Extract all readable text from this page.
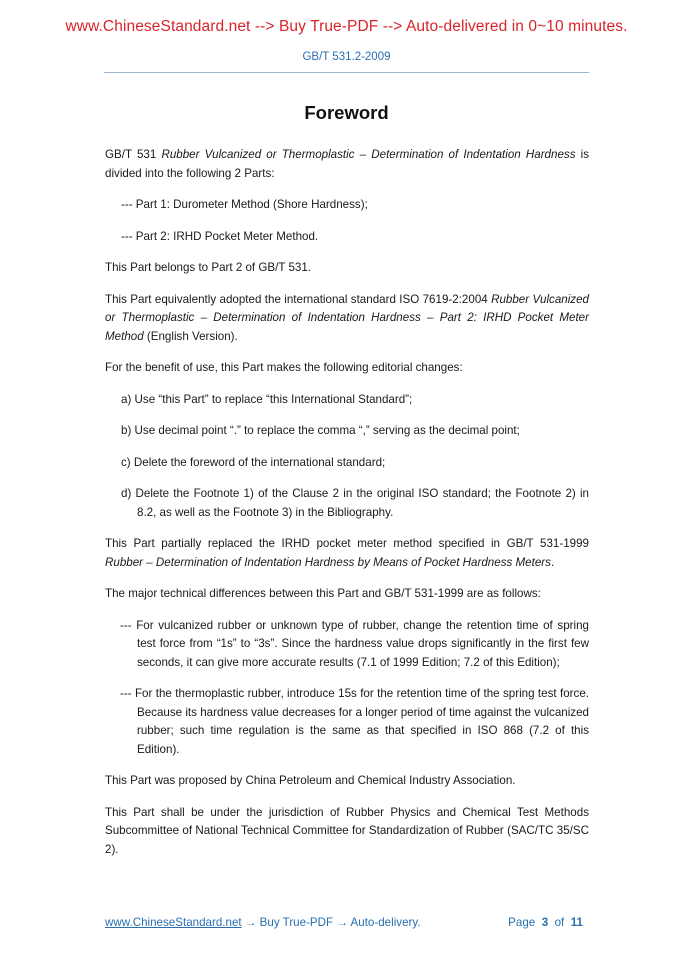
www.ChineseStandard.net --> Buy True-PDF --> Auto-delivered in 0~10 minutes.
GB/T 531.2-2009
Foreword

GB/T 531 Rubber Vulcanized or Thermoplastic – Determination of Indentation Hardness is divided into the following 2 Parts:

--- Part 1: Durometer Method (Shore Hardness);

--- Part 2: IRHD Pocket Meter Method.

This Part belongs to Part 2 of GB/T 531.

This Part equivalently adopted the international standard ISO 7619-2:2004 Rubber Vulcanized or Thermoplastic – Determination of Indentation Hardness – Part 2: IRHD Pocket Meter Method (English Version).

For the benefit of use, this Part makes the following editorial changes:

a) Use “this Part” to replace “this International Standard”;

b) Use decimal point “.” to replace the comma “,” serving as the decimal point;

c) Delete the foreword of the international standard;

d) Delete the Footnote 1) of the Clause 2 in the original ISO standard; the Footnote 2) in 8.2, as well as the Footnote 3) in the Bibliography.

This Part partially replaced the IRHD pocket meter method specified in GB/T 531-1999 Rubber – Determination of Indentation Hardness by Means of Pocket Hardness Meters.

The major technical differences between this Part and GB/T 531-1999 are as follows:

--- For vulcanized rubber or unknown type of rubber, change the retention time of spring test force from “1s” to “3s”. Since the hardness value drops significantly in the first few seconds, it can give more accurate results (7.1 of 1999 Edition; 7.2 of this Edition);

--- For the thermoplastic rubber, introduce 15s for the retention time of the spring test force. Because its hardness value decreases for a longer period of time against the vulcanized rubber; such time regulation is the same as that specified in ISO 868 (7.2 of this Edition).

This Part was proposed by China Petroleum and Chemical Industry Association.

This Part shall be under the jurisdiction of Rubber Physics and Chemical Test Methods Subcommittee of National Technical Committee for Standardization of Rubber (SAC/TC 35/SC 2).

www.ChineseStandard.net → Buy True-PDF → Auto-delivery.	Page 3 of 11
